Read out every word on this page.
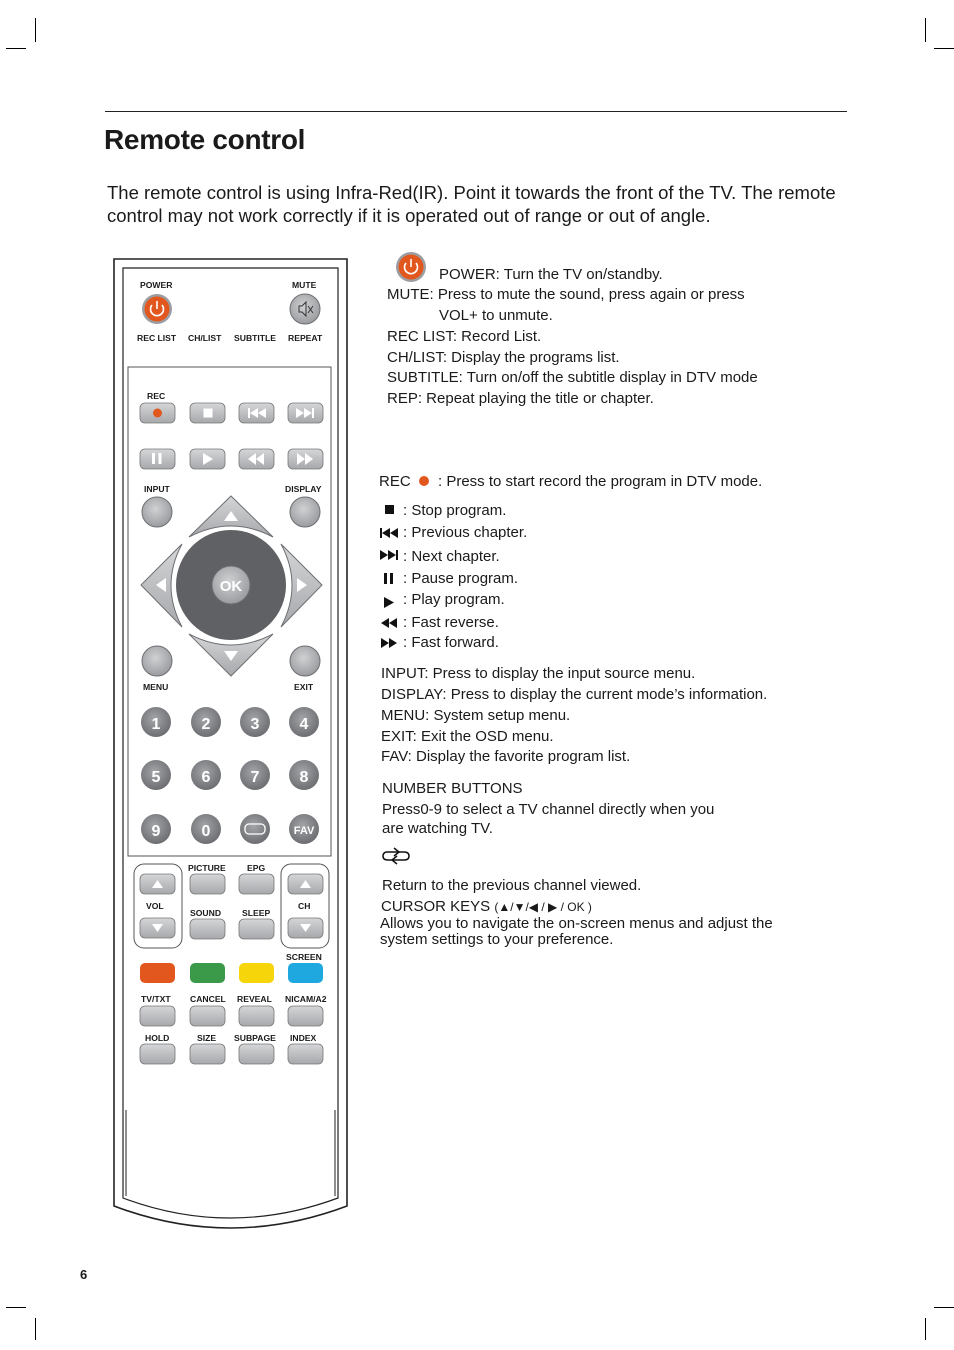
Remote control
The remote control is using Infra-Red(IR). Point it towards the front of the TV. The remote control may not work correctly if it is operated out of range or out of angle.
POWER	MUTE
REC LIST CH/LIST SUBTITLE REPEAT
REC
INPUT	DISPLAY
OK
MENU	EXIT
1	2	3	4
5	6	7	8
9	0	FAV
VOL	CH
PICTURE EPG
SOUND SLEEP
SCREEN
TV/TXT CANCEL REVEAL NICAM/A2
HOLD	SIZE SUBPAGE INDEX
POWER: Turn the TV on/standby.
MUTE: Press to mute the sound, press again or press
VOL+ to unmute.
REC LIST: Record List.
CH/LIST: Display the programs list.
SUBTITLE: Turn on/off the subtitle display in DTV mode
REP: Repeat playing the title or chapter.
REC : Press to start record the program in DTV mode.
: Stop program.
: Previous chapter.
: Next chapter.
: Pause program.
: Play program.
: Fast reverse.
: Fast forward.
INPUT: Press to display the input source menu.
DISPLAY: Press to display the current mode’s information.
MENU: System setup menu.
EXIT: Exit the OSD menu.
FAV: Display the favorite program list.
NUMBER BUTTONS
Press0-9 to select a TV channel directly when you
are watching TV.
Return to the previous channel viewed.
CURSOR KEYS (▲/▼/◀ / ▶ / OK )
Allows you to navigate the on-screen menus and adjust the
system settings to your preference.
6
